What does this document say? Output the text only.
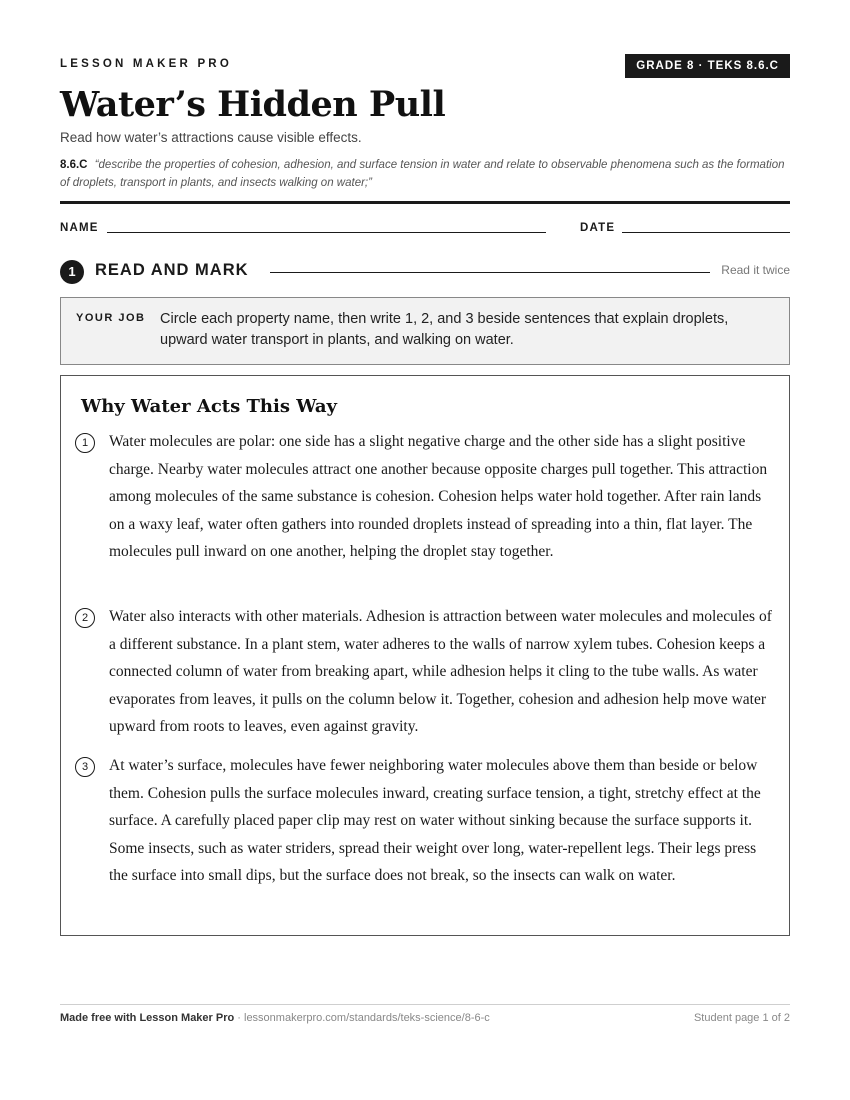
LESSON MAKER PRO	GRADE 8 · TEKS 8.6.C
Water’s Hidden Pull
Read how water’s attractions cause visible effects.
8.6.C “describe the properties of cohesion, adhesion, and surface tension in water and relate to observable phenomena such as the formation of droplets, transport in plants, and insects walking on water;”
NAME	DATE
1	READ AND MARK	Read it twice
YOUR JOB Circle each property name, then write 1, 2, and 3 beside sentences that explain droplets, upward water transport in plants, and walking on water.
Why Water Acts This Way
1	Water molecules are polar: one side has a slight negative charge and the other side has a slight positive charge. Nearby water molecules attract one another because opposite charges pull together. This attraction among molecules of the same substance is cohesion. Cohesion helps water hold together. After rain lands on a waxy leaf, water often gathers into rounded droplets instead of spreading into a thin, flat layer. The molecules pull inward on one another, helping the droplet stay together.

2	Water also interacts with other materials. Adhesion is attraction between water molecules and molecules of a different substance. In a plant stem, water adheres to the walls of narrow xylem tubes. Cohesion keeps a connected column of water from breaking apart, while adhesion helps it cling to the tube walls. As water evaporates from leaves, it pulls on the column below it. Together, cohesion and adhesion help move water upward from roots to leaves, even against gravity.

3	At water’s surface, molecules have fewer neighboring water molecules above them than beside or below them. Cohesion pulls the surface molecules inward, creating surface tension, a tight, stretchy effect at the surface. A carefully placed paper clip may rest on water without sinking because the surface supports it. Some insects, such as water striders, spread their weight over long, water-repellent legs. Their legs press the surface into small dips, but the surface does not break, so the insects can walk on water.

Made free with Lesson Maker Pro · lessonmakerpro.com/standards/teks-science/8-6-c	Student page 1 of 2
